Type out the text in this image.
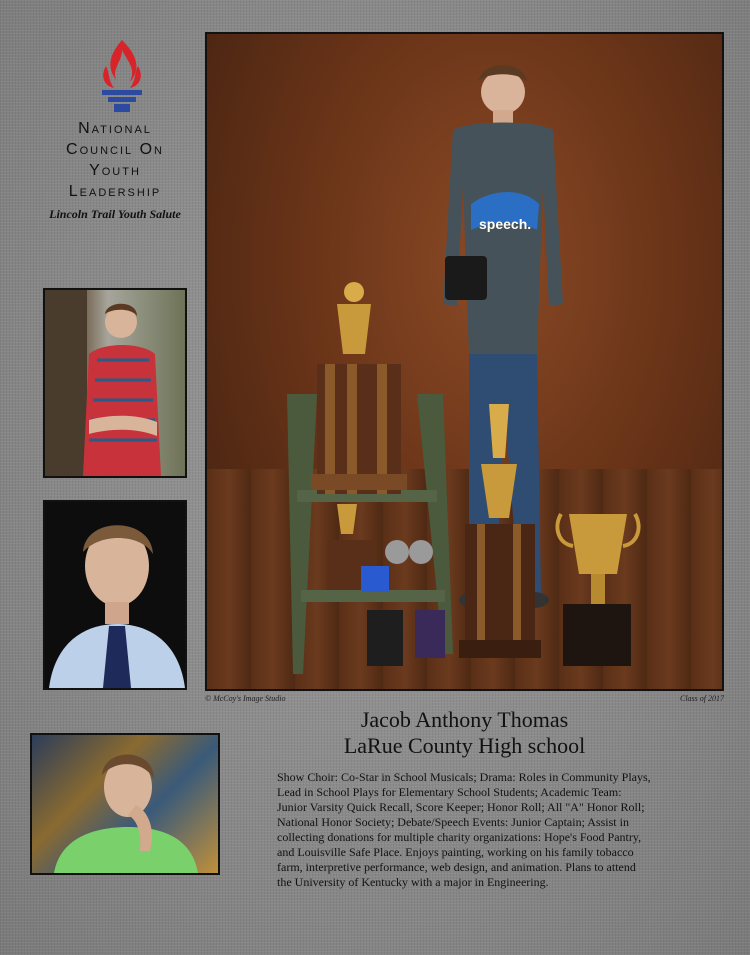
National
Council On
Youth
Leadership
Lincoln Trail Youth Salute
speech.
© McCoy's Image Studio	Class of 2017
Jacob Anthony Thomas
LaRue County High school
Show Choir: Co-Star in School Musicals; Drama: Roles in Community Plays, Lead in School Plays for Elementary School Students; Academic Team: Junior Varsity Quick Recall, Score Keeper; Honor Roll; All "A" Honor Roll; National Honor Society; Debate/Speech Events: Junior Captain; Assist in collecting donations for multiple charity organizations: Hope's Food Pantry, and Louisville Safe Place. Enjoys painting, working on his family tobacco farm, interpretive performance, web design, and animation. Plans to attend the University of Kentucky with a major in Engineering.
